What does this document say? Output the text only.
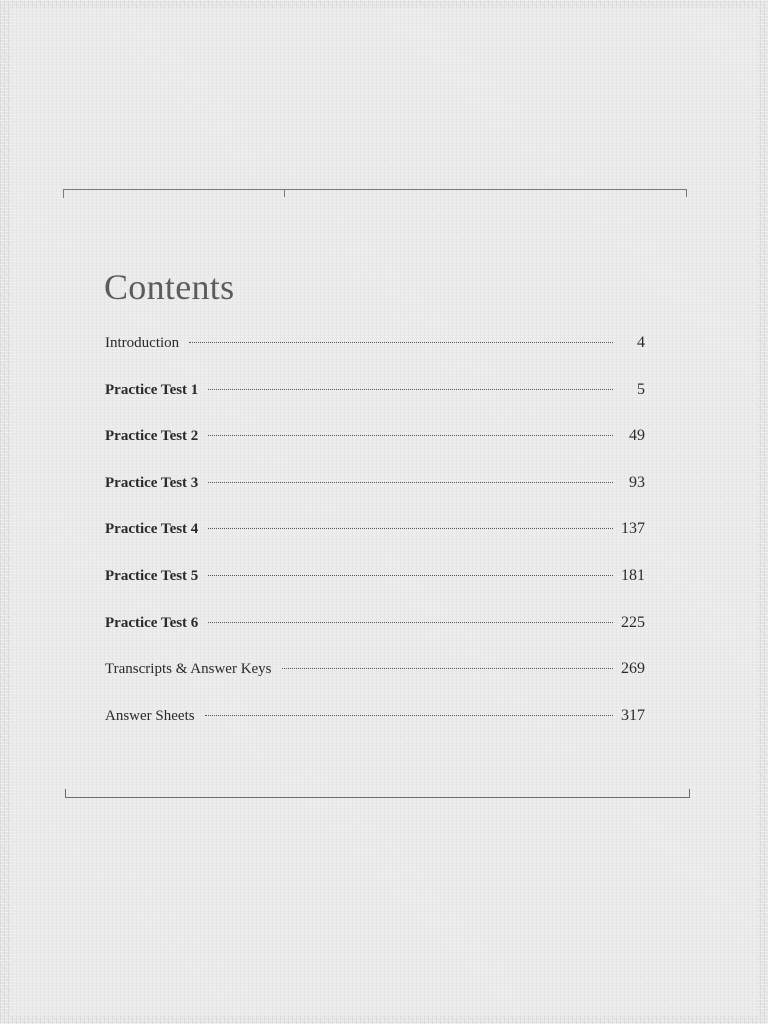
Contents
Introduction	4
Practice Test 1	5
Practice Test 2	49
Practice Test 3	93
Practice Test 4	137
Practice Test 5	181
Practice Test 6	225
Transcripts & Answer Keys	269
Answer Sheets	317
